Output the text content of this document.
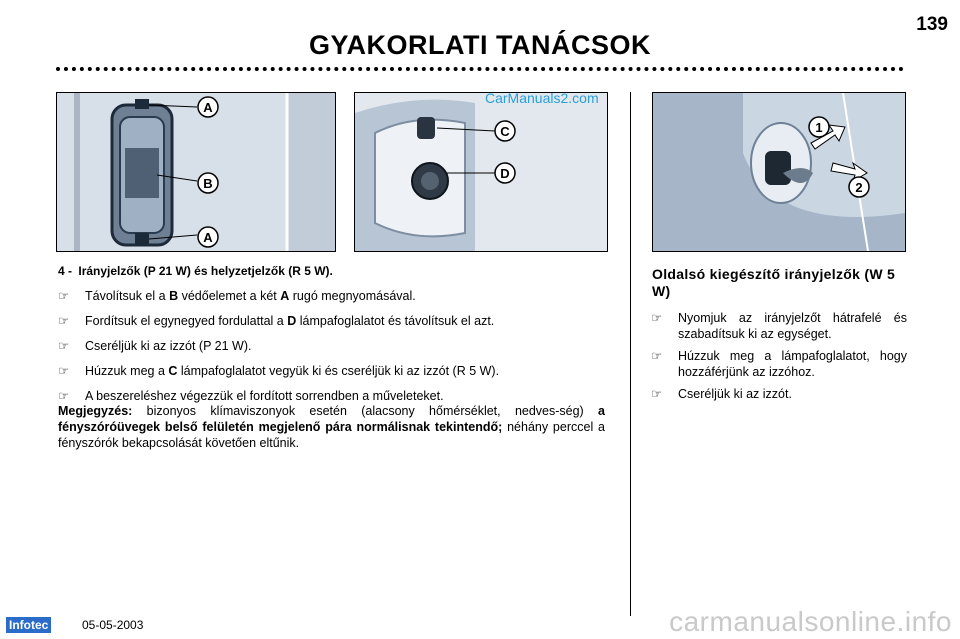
139
GYAKORLATI TANÁCSOK
A
B
A
C
D
CarManuals2.com
1
2
4 - Irányjelzők (P 21 W) és helyzetjelzők (R 5 W).
☞ Távolítsuk el a B védőelemet a két A rugó megnyomásával.
☞ Fordítsuk el egynegyed fordulattal a D lámpafoglalatot és távolítsuk el azt.
☞ Cseréljük ki az izzót (P 21 W).
☞ Húzzuk meg a C lámpafoglalatot vegyük ki és cseréljük ki az izzót (R 5 W).
☞ A beszereléshez végezzük el fordított sorrendben a műveleteket.
Megjegyzés: bizonyos klímaviszonyok esetén (alacsony hőmérséklet, nedves-ség) a fényszóróüvegek belső felületén megjelenő pára normálisnak tekintendő; néhány perccel a fényszórók bekapcsolását követően eltűnik.
Oldalsó kiegészítő irányjelzők (W 5 W)
☞ Nyomjuk az irányjelzőt hátrafelé és szabadítsuk ki az egységet.
☞ Húzzuk meg a lámpafoglalatot, hogy hozzáférjünk az izzóhoz.
☞ Cseréljük ki az izzót.
Infotec	05-05-2003	carmanualsonline.info
